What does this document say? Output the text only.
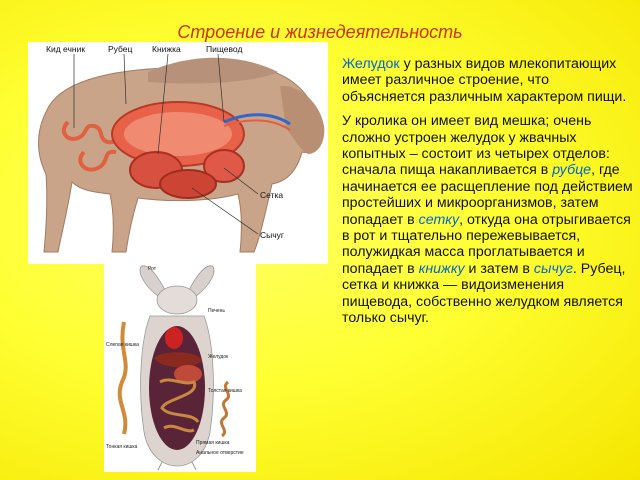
Строение и жизнедеятельность
Кид ечник	Рубец Книжка	Пищевод
Сетка
Сычуг
Рот
Печень
Желудок
Слепая кишка
Толстая кишка
Прямая кишка
Анальное отверстие
Тонкая кишка

Желудок у разных видов млекопитающих имеет различное строение, что объясняется различным характером пищи.

У кролика он имеет вид мешка; очень сложно устроен желудок у жвачных копытных – состоит из четырех отделов: сначала пища накапливается в рубце, где начинается ее расщепление под действием простейших и микроорганизмов, затем попадает в сетку, откуда она отрыгивается в рот и тщательно пережевывается, полужидкая масса проглатывается и попадает в книжку и затем в сычуг. Рубец, сетка и книжка — видоизменения пищевода, собственно желудком является только сычуг.
